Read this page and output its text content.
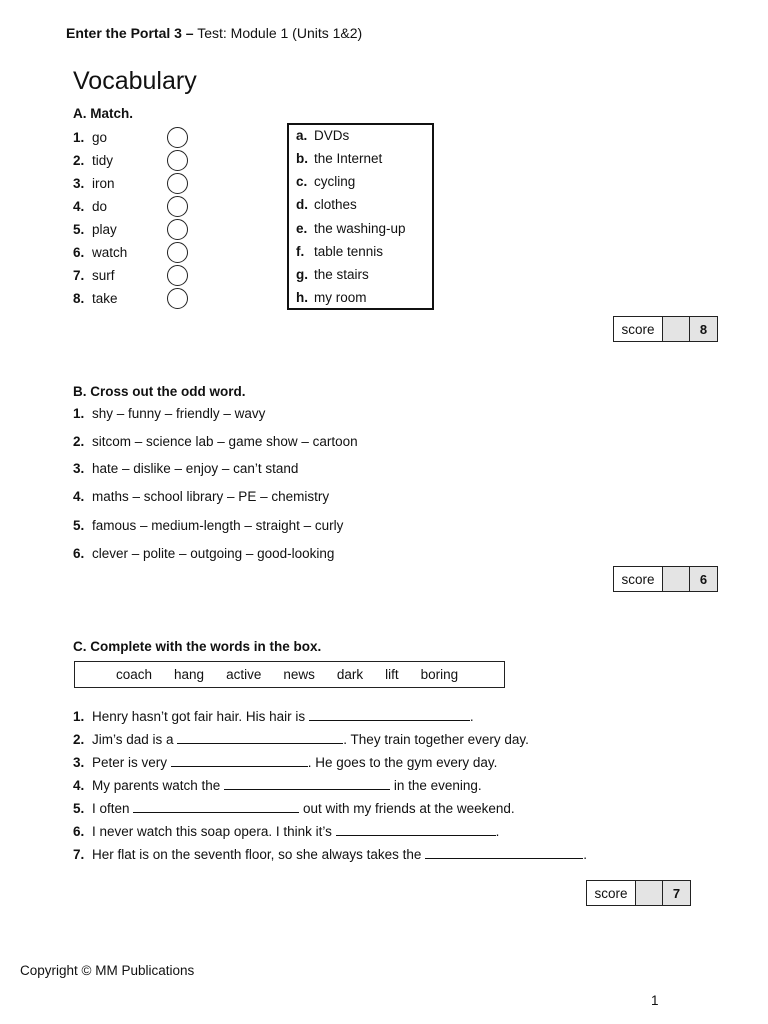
Enter the Portal 3 – Test: Module 1 (Units 1&2)
Vocabulary
A. Match.
1. go
2. tidy
3. iron
4. do
5. play
6. watch
7. surf
8. take
a. DVDs
b. the Internet
c. cycling
d. clothes
e. the washing-up
f. table tennis
g. the stairs
h. my room
score	8
B. Cross out the odd word.
1. shy – funny – friendly – wavy
2. sitcom – science lab – game show – cartoon
3. hate – dislike – enjoy – can’t stand
4. maths – school library – PE – chemistry
5. famous – medium-length – straight – curly
6. clever – polite – outgoing – good-looking
score	6
C. Complete with the words in the box.
coach hang active news dark lift boring
1. Henry hasn’t got fair hair. His hair is	.
2. Jim’s dad is a	. They train together every day.
3. Peter is very	. He goes to the gym every day.
4. My parents watch the	in the evening.
5. I often	out with my friends at the weekend.
6. I never watch this soap opera. I think it’s	.
7. Her flat is on the seventh floor, so she always takes the	.
score	7
Copyright © MM Publications
1
